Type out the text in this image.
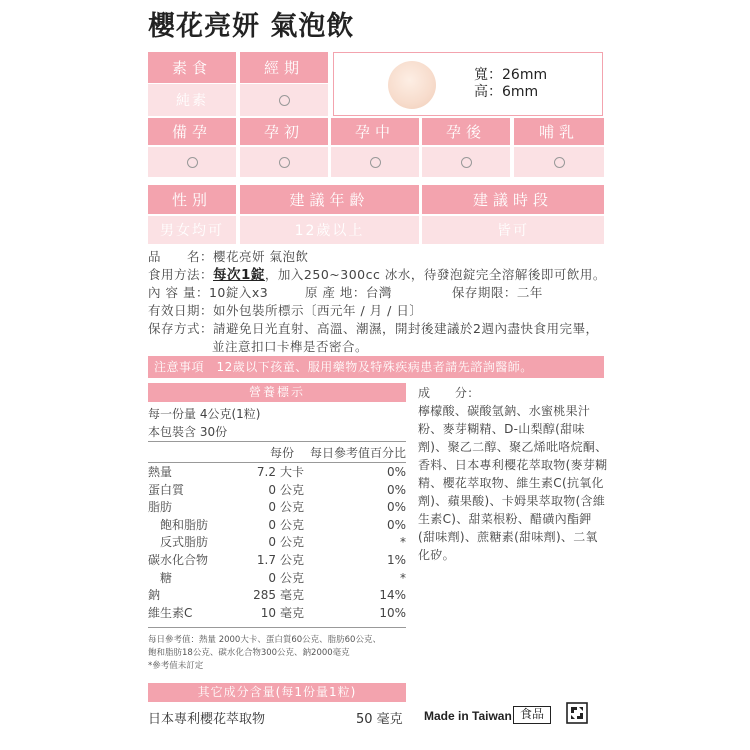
櫻花亮妍 氣泡飲
素食	經期
純素
寬：26mm
高：6mm
備孕	孕初	孕中	孕後	哺乳
性別	建議年齡	建議時段
男女均可	12歲以上	皆可
品　　名：櫻花亮妍 氣泡飲
食用方法：每次1錠，加入250~300cc 冰水，待發泡錠完全溶解後即可飲用。
內 容 量：10錠入x3	原 產 地：台灣	保存期限：二年
有效日期：如外包裝所標示〔西元年 / 月 / 日〕
保存方式：請避免日光直射、高溫、潮濕，開封後建議於2週內盡快食用完畢，
並注意扣口卡榫是否密合。
注意事項　 12歲以下孩童、服用藥物及特殊疾病患者請先諮詢醫師。
營養標示
每一份量 4公克(1粒)
本包裝含 30份
每份 每日參考值百分比
熱量	7.2 大卡	0%
蛋白質	0 公克	0%
脂肪	0 公克	0%
　飽和脂肪	0 公克	0%
　反式脂肪	0 公克	*
碳水化合物	1.7 公克	1%
　糖	0 公克	*
鈉	285 毫克	14%
維生素C	10 毫克	10%
每日參考值：熱量 2000大卡、蛋白質60公克、脂肪60公克、
飽和脂肪18公克、碳水化合物300公克、鈉2000毫克
*參考值未訂定
成　　分：
檸檬酸、碳酸氫鈉、水蜜桃果汁粉、麥芽糊精、D-山梨醇(甜味劑)、聚乙二醇、聚乙烯吡咯烷酮、香料、日本專利櫻花萃取物(麥芽糊精、櫻花萃取物、維生素C(抗氧化劑)、蘋果酸)、卡姆果萃取物(含維生素C)、甜菜根粉、醋磺內酯鉀(甜味劑)、蔗糖素(甜味劑)、二氧化矽。
其它成分含量(每1份量1粒)
日本專利櫻花萃取物	50 毫克 Made in Taiwan 食品
